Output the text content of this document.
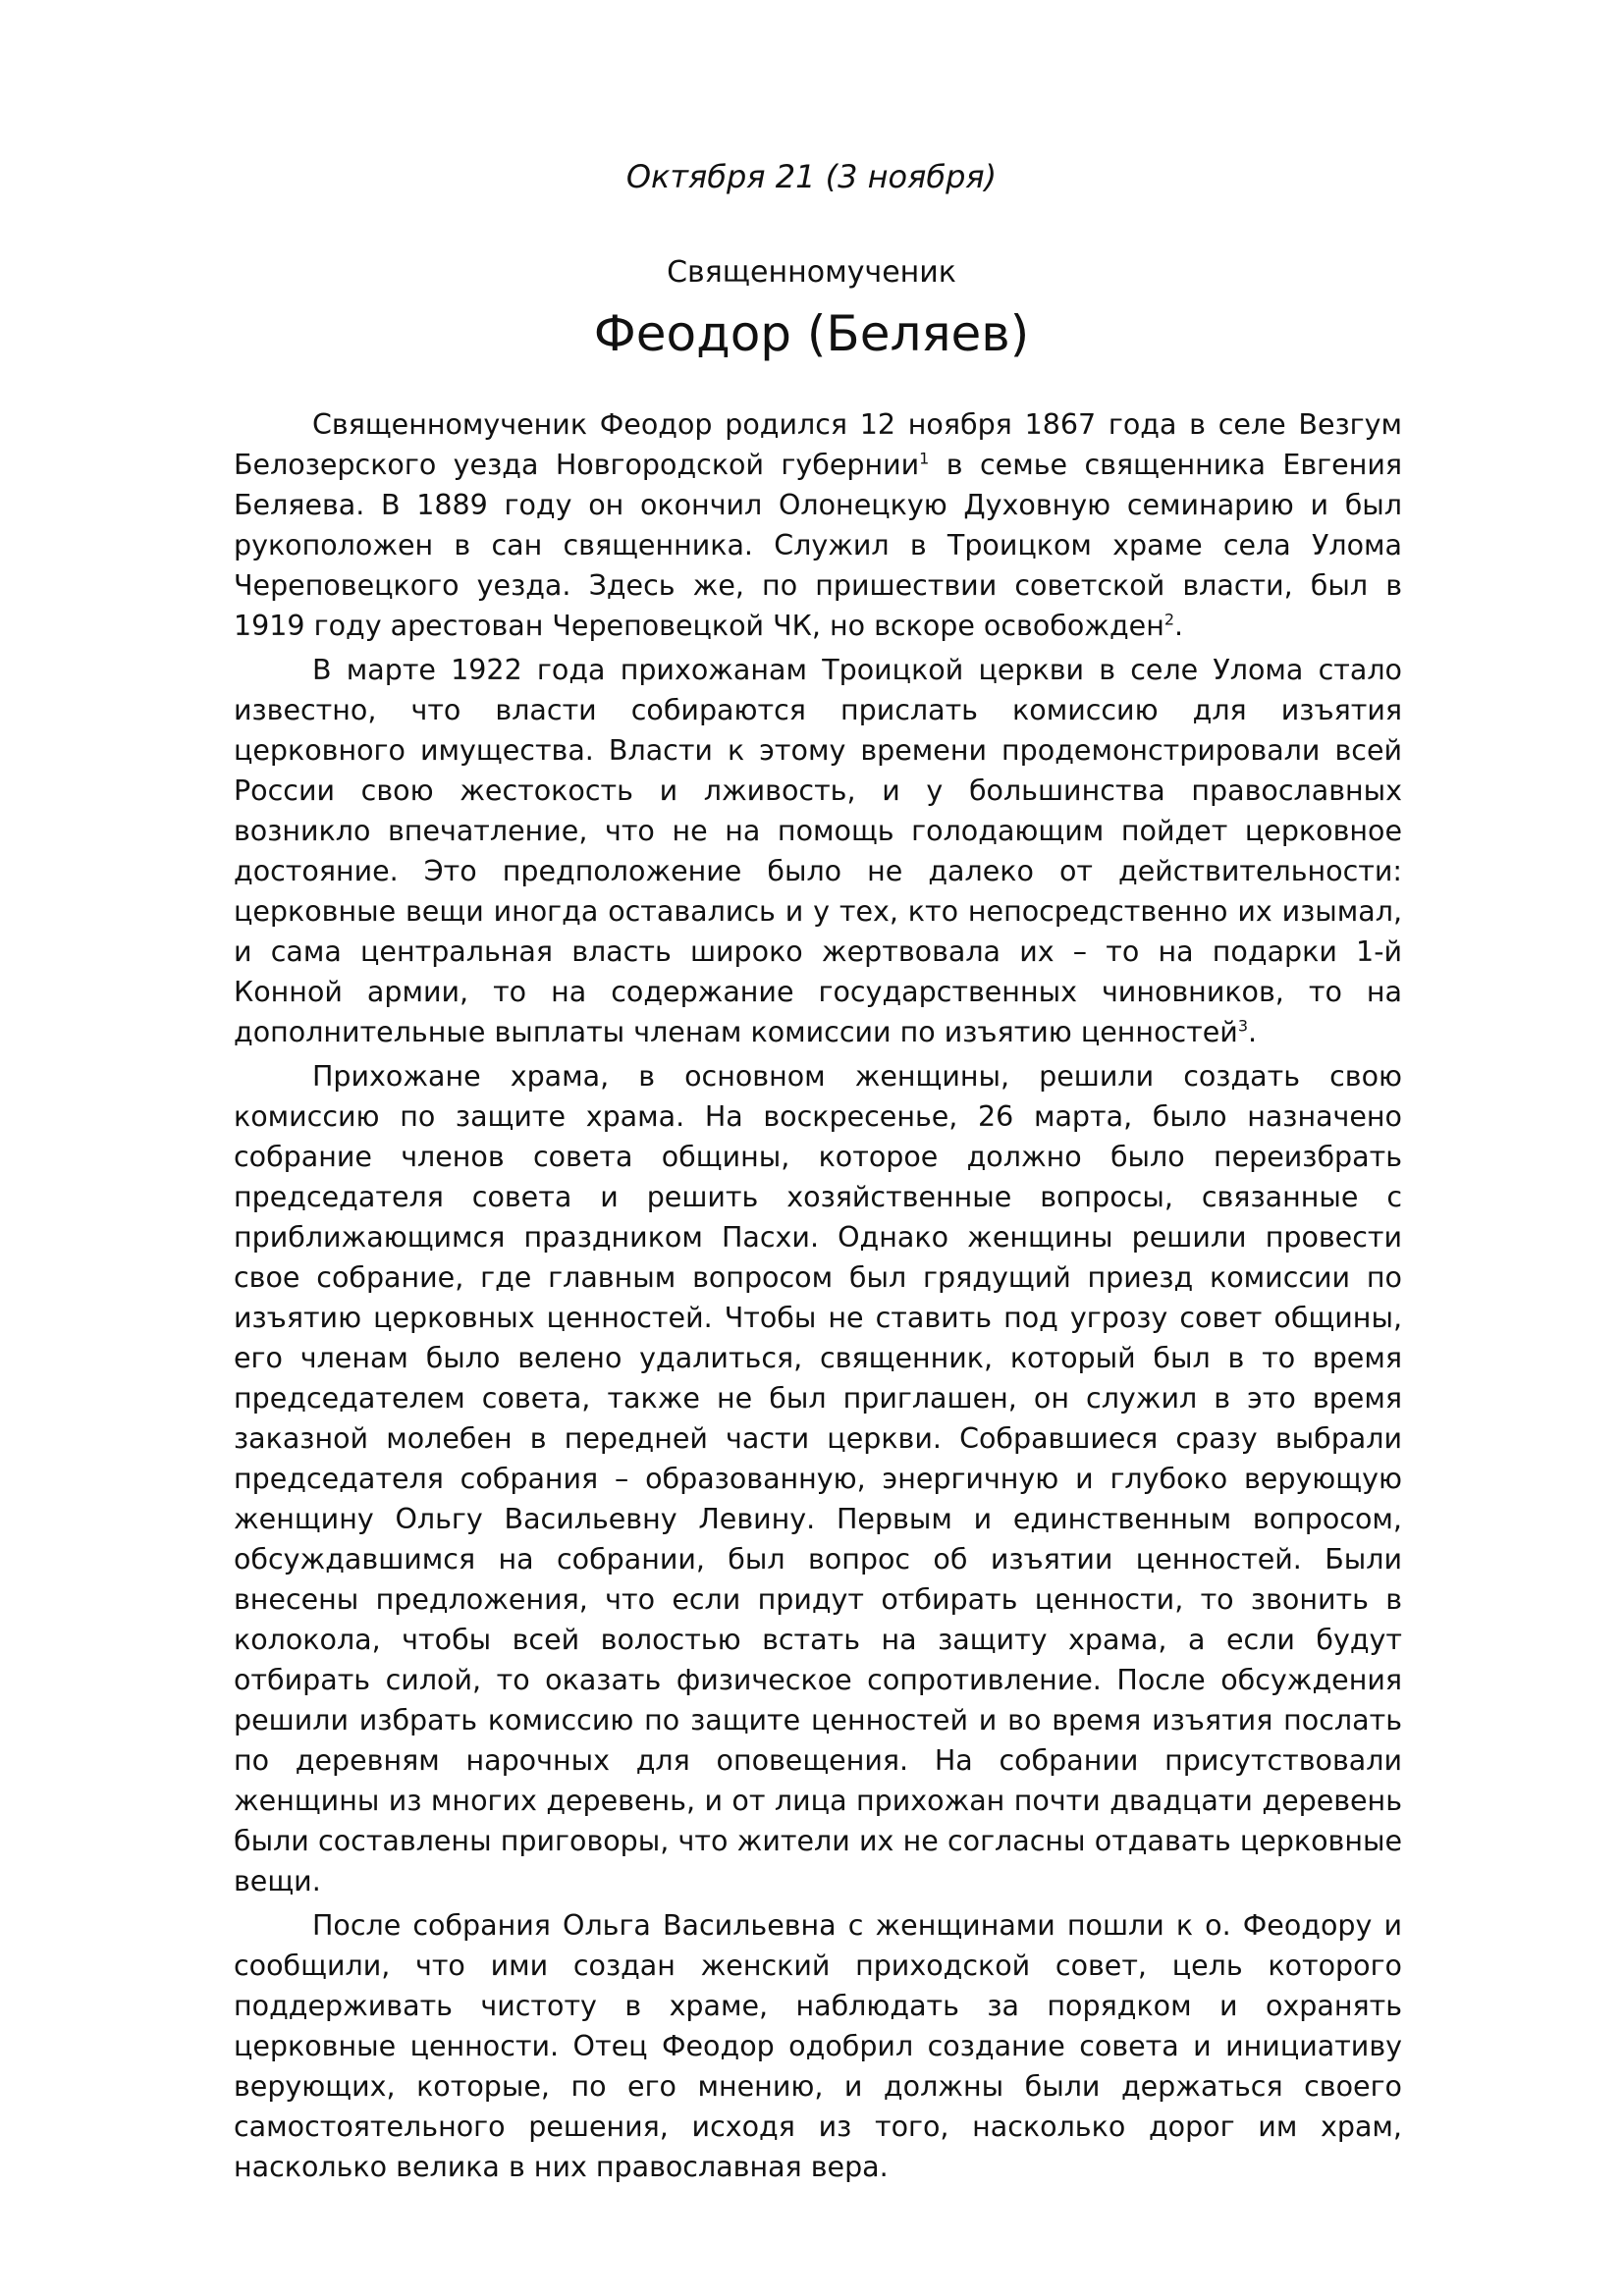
Октября 21 (3 ноября)
Священномученик
Феодор (Беляев)

Священномученик Феодор родился 12 ноября 1867 года в селе Везгум Белозерского уезда Новгородской губернии$^1$ в семье священника Евгения Беляева. В 1889 году он окончил Олонецкую Духовную семинарию и был рукоположен в сан священника. Служил в Троицком храме села Улома Череповецкого уезда. Здесь же, по пришествии советской власти, был в 1919 году арестован Череповецкой ЧК, но вскоре освобожден$^2$.

В марте 1922 года прихожанам Троицкой церкви в селе Улома стало известно, что власти собираются прислать комиссию для изъятия церковного имущества. Власти к этому времени продемонстрировали всей России свою жестокость и лживость, и у большинства православных возникло впечатление, что не на помощь голодающим пойдет церковное достояние. Это предположение было не далеко от действительности: церковные вещи иногда оставались и у тех, кто непосредственно их изымал, и сама центральная власть широко жертвовала их – то на подарки 1-й Конной армии, то на содержание государственных чиновников, то на дополнительные выплаты членам комиссии по изъятию ценностей$^3$.

Прихожане храма, в основном женщины, решили создать свою комиссию по защите храма. На воскресенье, 26 марта, было назначено собрание членов совета общины, которое должно было переизбрать председателя совета и решить хозяйственные вопросы, связанные с приближающимся праздником Пасхи. Однако женщины решили провести свое собрание, где главным вопросом был грядущий приезд комиссии по изъятию церковных ценностей. Чтобы не ставить под угрозу совет общины, его членам было велено удалиться, священник, который был в то время председателем совета, также не был приглашен, он служил в это время заказной молебен в передней части церкви. Собравшиеся сразу выбрали председателя собрания – образованную, энергичную и глубоко верующую женщину Ольгу Васильевну Левину. Первым и единственным вопросом, обсуждавшимся на собрании, был вопрос об изъятии ценностей. Были внесены предложения, что если придут отбирать ценности, то звонить в колокола, чтобы всей волостью встать на защиту храма, а если будут отбирать силой, то оказать физическое сопротивление. После обсуждения решили избрать комиссию по защите ценностей и во время изъятия послать по деревням нарочных для оповещения. На собрании присутствовали женщины из многих деревень, и от лица прихожан почти двадцати деревень были составлены приговоры, что жители их не согласны отдавать церковные вещи.

После собрания Ольга Васильевна с женщинами пошли к о. Феодору и сообщили, что ими создан женский приходской совет, цель которого поддерживать чистоту в храме, наблюдать за порядком и охранять церковные ценности. Отец Феодор одобрил создание совета и инициативу верующих, которые, по его мнению, и должны были держаться своего самостоятельного решения, исходя из того, насколько дорог им храм, насколько велика в них православная вера.
